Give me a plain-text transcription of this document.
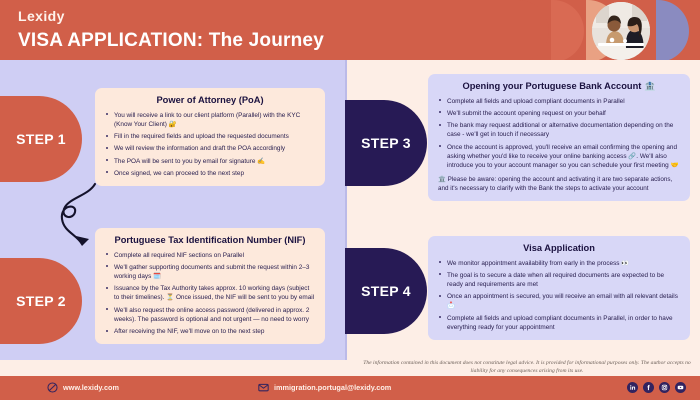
Lexidy
VISA APPLICATION: The Journey
STEP 1
STEP 2
STEP 3
STEP 4
Power of Attorney (PoA)
You will receive a link to our client platform (Parallel) with the KYC (Know Your Client) 🔐
Fill in the required fields and upload the requested documents
We will review the information and draft the POA accordingly
The POA will be sent to you by email for signature ✍️
Once signed, we can proceed to the next step
Portuguese Tax Identification Number (NIF)
Complete all required NIF sections on Parallel
We'll gather supporting documents and submit the request within 2–3 working days 🗓️
Issuance by the Tax Authority takes approx. 10 working days (subject to their timelines). ⏳ Once issued, the NIF will be sent to you by email
We'll also request the online access password (delivered in approx. 2 weeks). The password is optional and not urgent — no need to worry
After receiving the NIF, we'll move on to the next step
Opening your Portuguese Bank Account 🏦
Complete all fields and upload compliant documents in Parallel
We'll submit the account opening request on your behalf
The bank may request additional or alternative documentation depending on the case - we'll get in touch if necessary
Once the account is approved, you'll receive an email confirming the opening and asking whether you'd like to receive your online banking access 🔗. We'll also introduce you to your account manager so you can schedule your first meeting 🤝
🏛️ Please be aware: opening the account and activating it are two separate actions, and it's necessary to clarify with the Bank the steps to activate your account
Visa Application
We monitor appointment availability from early in the process 👀
The goal is to secure a date when all required documents are expected to be ready and requirements are met
Once an appointment is secured, you will receive an email with all relevant details 📩
Complete all fields and upload compliant documents in Parallel, in order to have everything ready for your appointment
The information contained in this document does not constitute legal advice. It is provided for informational purposes only. The author accepts no liability for any consequences arising from its use.
www.lexidy.com	immigration.portugal@lexidy.com
